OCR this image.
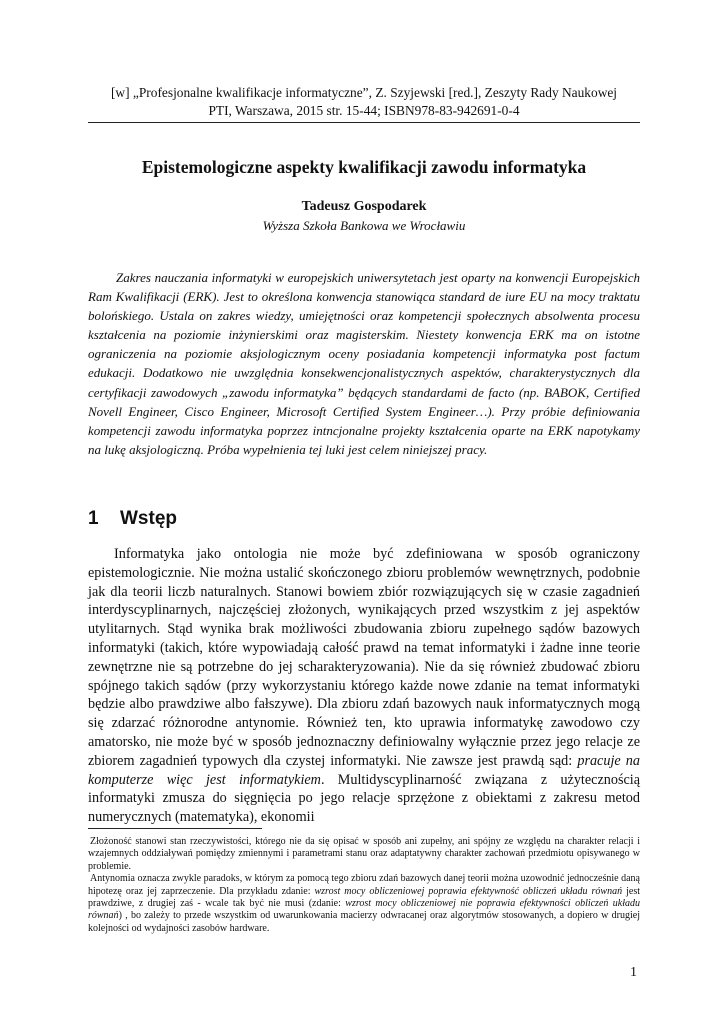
[w] „Profesjonalne kwalifikacje informatyczne”, Z. Szyjewski [red.], Zeszyty Rady Naukowej
PTI, Warszawa, 2015 str. 15-44; ISBN978-83-942691-0-4
Epistemologiczne aspekty kwalifikacji zawodu informatyka
Tadeusz Gospodarek
Wyższa Szkoła Bankowa we Wrocławiu

Zakres nauczania informatyki w europejskich uniwersytetach jest oparty na konwencji Europejskich Ram Kwalifikacji (ERK). Jest to określona konwencja stanowiąca standard de iure EU na mocy traktatu bolońskiego. Ustala on zakres wiedzy, umiejętności oraz kompetencji społecznych absolwenta procesu kształcenia na poziomie inżynierskimi oraz magisterskim. Niestety konwencja ERK ma on istotne ograniczenia na poziomie aksjologicznym oceny posiadania kompetencji informatyka post factum edukacji. Dodatkowo nie uwzględnia konsekwencjonalistycznych aspektów, charakterystycznych dla certyfikacji zawodowych „zawodu informatyka” będących standardami de facto (np. BABOK, Certified Novell Engineer, Cisco Engineer, Microsoft Certified System Engineer…). Przy próbie definiowania kompetencji zawodu informatyka poprzez intncjonalne projekty kształcenia oparte na ERK napotykamy na lukę aksjologiczną. Próba wypełnienia tej luki jest celem niniejszej pracy.

1 Wstęp

Informatyka jako ontologia nie może być zdefiniowana w sposób ograniczony epistemologicznie. Nie można ustalić skończonego zbioru problemów wewnętrznych, podobnie jak dla teorii liczb naturalnych. Stanowi bowiem zbiór rozwiązujących się w czasie zagadnień interdyscyplinarnych, najczęściej złożonych, wynikających przed wszystkim z jej aspektów utylitarnych. Stąd wynika brak możliwości zbudowania zbioru zupełnego sądów bazowych informatyki (takich, które wypowiadają całość prawd na temat informatyki i żadne inne teorie zewnętrzne nie są potrzebne do jej scharakteryzowania). Nie da się również zbudować zbioru spójnego takich sądów (przy wykorzystaniu którego każde nowe zdanie na temat informatyki będzie albo prawdziwe albo fałszywe). Dla zbioru zdań bazowych nauk informatycznych mogą się zdarzać różnorodne antynomie. Również ten, kto uprawia informatykę zawodowo czy amatorsko, nie może być w sposób jednoznaczny definiowalny wyłącznie przez jego relacje ze zbiorem zagadnień typowych dla czystej informatyki. Nie zawsze jest prawdą sąd: pracuje na komputerze więc jest informatykiem. Multidyscyplinarność związana z użytecznością informatyki zmusza do sięgnięcia po jego relacje sprzężone z obiektami z zakresu metod numerycznych (matematyka), ekonomii

Złożoność stanowi stan rzeczywistości, którego nie da się opisać w sposób ani zupełny, ani spójny ze względu na charakter relacji i wzajemnych oddziaływań pomiędzy zmiennymi i parametrami stanu oraz adaptatywny charakter zachowań przedmiotu opisywanego w problemie.

Antynomia oznacza zwykle paradoks, w którym za pomocą tego zbioru zdań bazowych danej teorii można uzowodnić jednocześnie daną hipotezę oraz jej zaprzeczenie. Dla przykładu zdanie: wzrost mocy obliczeniowej poprawia efektywność obliczeń układu równań jest prawdziwe, z drugiej zaś - wcale tak być nie musi (zdanie: wzrost mocy obliczeniowej nie poprawia efektywności obliczeń układu równań) , bo zależy to przede wszystkim od uwarunkowania macierzy odwracanej oraz algorytmów stosowanych, a dopiero w drugiej kolejności od wydajności zasobów hardware.

1
